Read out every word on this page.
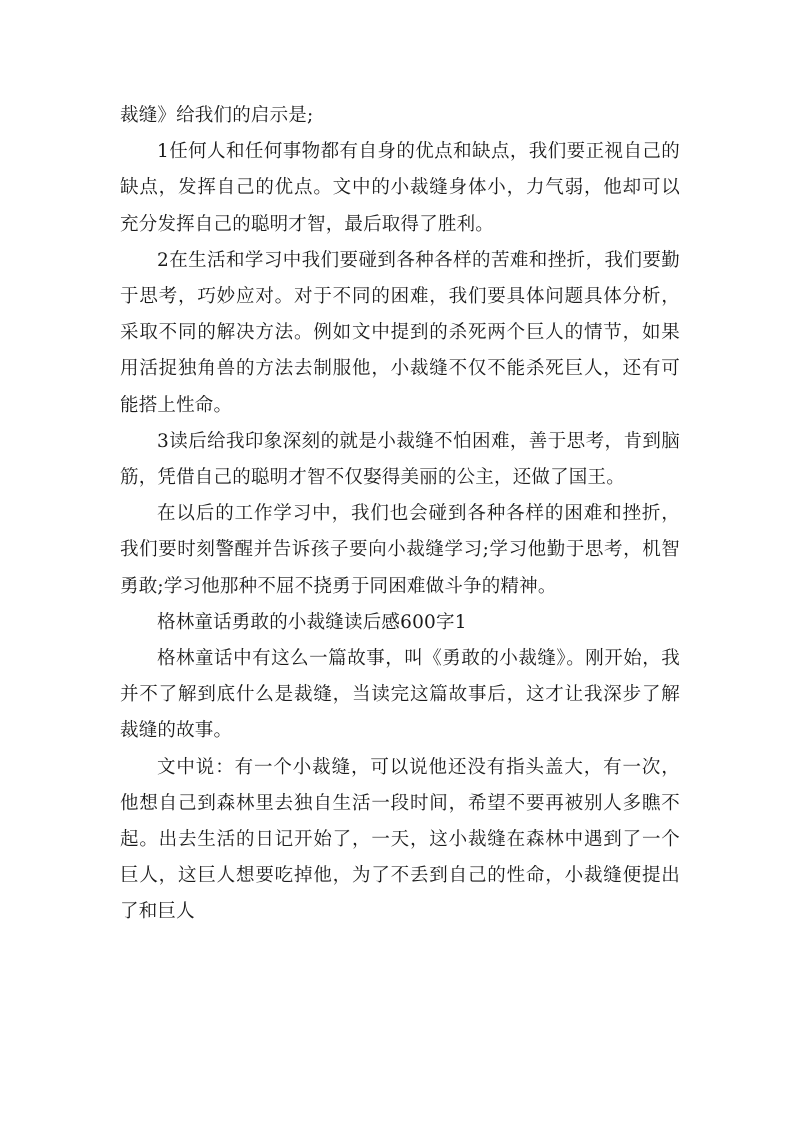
裁缝》给我们的启示是;

1任何人和任何事物都有自身的优点和缺点，我们要正视自己的缺点，发挥自己的优点。文中的小裁缝身体小，力气弱，他却可以充分发挥自己的聪明才智，最后取得了胜利。

2在生活和学习中我们要碰到各种各样的苦难和挫折，我们要勤于思考，巧妙应对。对于不同的困难，我们要具体问题具体分析，采取不同的解决方法。例如文中提到的杀死两个巨人的情节，如果用活捉独角兽的方法去制服他，小裁缝不仅不能杀死巨人，还有可能搭上性命。

3读后给我印象深刻的就是小裁缝不怕困难，善于思考，肯到脑筋，凭借自己的聪明才智不仅娶得美丽的公主，还做了国王。

在以后的工作学习中，我们也会碰到各种各样的困难和挫折，我们要时刻警醒并告诉孩子要向小裁缝学习;学习他勤于思考，机智勇敢;学习他那种不屈不挠勇于同困难做斗争的精神。

格林童话勇敢的小裁缝读后感600字1

格林童话中有这么一篇故事，叫《勇敢的小裁缝》。刚开始，我并不了解到底什么是裁缝，当读完这篇故事后，这才让我深步了解裁缝的故事。

文中说：有一个小裁缝，可以说他还没有指头盖大，有一次，他想自己到森林里去独自生活一段时间，希望不要再被别人多瞧不起。出去生活的日记开始了，一天，这小裁缝在森林中遇到了一个巨人，这巨人想要吃掉他，为了不丢到自己的性命，小裁缝便提出了和巨人
